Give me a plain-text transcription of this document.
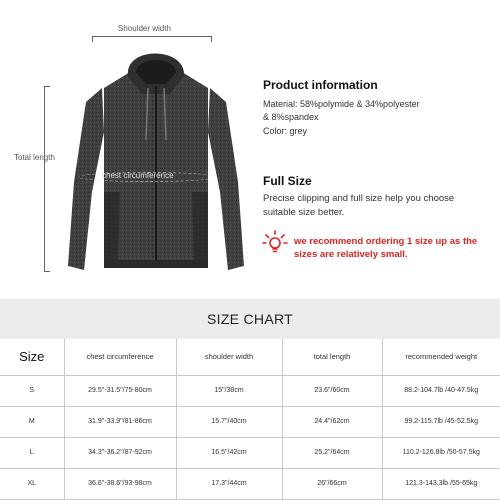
Shoulder width
Total length
chest circumference
Product information
Material: 58%polymide & 34%polyester
& 8%spandex
Color: grey
Full Size
Precise clipping and full size help you choose suitable size better.
we recommend ordering 1 size up as the sizes are relatively small.
SIZE CHART
Size	chest circumference	shoulder width	total length	recommended weight
S	29.5"-31.5"/75-80cm	15"/38cm	23.6"/60cm	88.2-104.7lb /40-47.5kg
M	31.9"-33.9"/81-86cm	15.7"/40cm	24.4"/62cm	99.2-115.7lb /45-52.5kg
L	34.3"-36.2"/87-92cm	16.5"/42cm	25.2"/64cm	110.2-126.8lb /50-57.5kg
XL	36.6"-38.6"/93-98cm	17.3"/44cm	26"/66cm	121.3-143.3lb /55-65kg
